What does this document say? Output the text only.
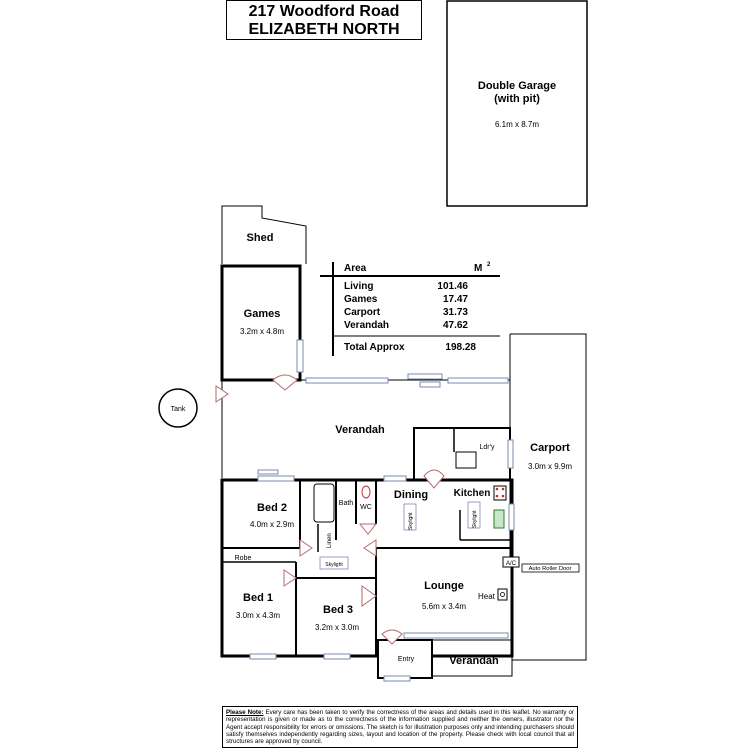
217 Woodford Road
ELIZABETH NORTH
Double Garage
(with pit)
6.1m x 8.7m
Shed
Games
3.2m x 4.8m
Area	M 2
Living	101.46
Games	17.47
Carport	31.73
Verandah	47.62
Total Approx	198.28
Tank
Verandah
Carport
3.0m x 9.9m
Ldr'y
Bath
WC
Bed 2
4.0m x 2.9m
Dining
Skylight
Kitchen
Skylight
Linen
Robe
Skylight
Bed 1
3.0m x 4.3m	Bed 3
3.2m x 3.0m
Lounge
5.6m x 3.4m
Heat
A/C
Auto Roller Door
Entry	Verandah
Please Note: Every care has been taken to verify the correctness of the areas and details used in this leaflet. No warranty or representation is given or made as to the correctness of the information supplied and neither the owners, illustrator nor the Agent accept responsibility for errors or omissions. The sketch is for illustration purposes only and intending purchasers should satisfy themselves independently regarding sizes, layout and location of the property. Please check with local council that all structures are approved by council.
